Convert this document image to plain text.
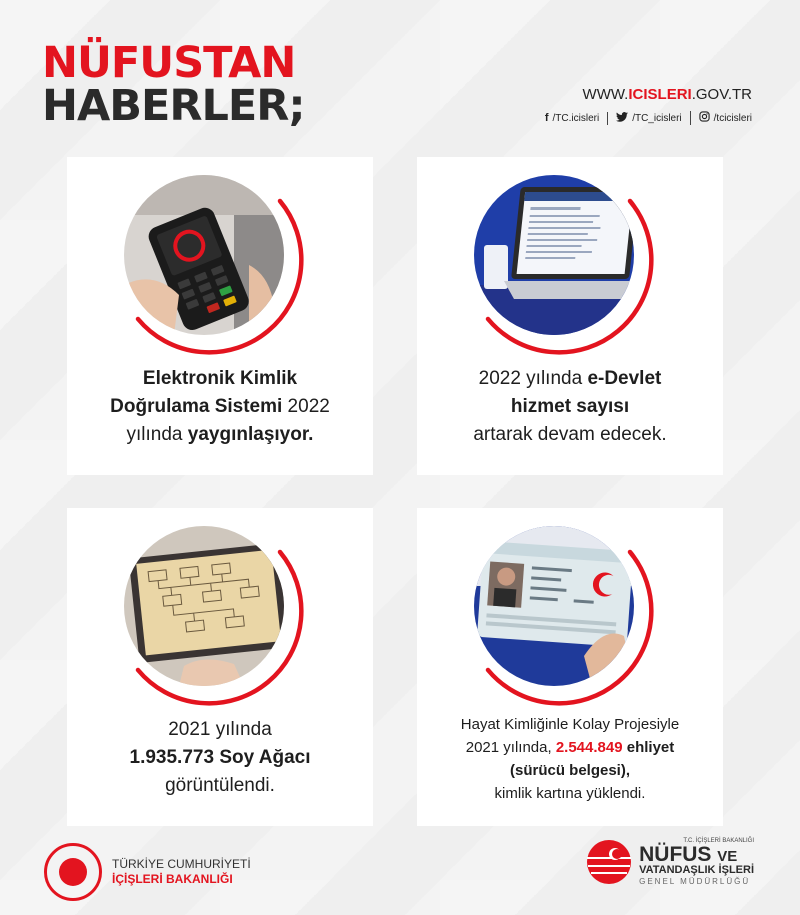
NÜFUSTAN
HABERLER;	WWW.ICISLERI.GOV.TR
f /TC.icisleri	/TC_icisleri	/tcicisleri
Elektronik Kimlik
Doğrulama Sistemi 2022
yılında yaygınlaşıyor.
2022 yılında e-Devlet
hizmet sayısı
artarak devam edecek.
2021 yılında
1.935.773 Soy Ağacı
görüntülendi.
Hayat Kimliğinle Kolay Projesiyle
2021 yılında, 2.544.849 ehliyet
(sürücü belgesi),
kimlik kartına yüklendi.
TÜRKİYE CUMHURİYETİ
İÇİŞLERİ BAKANLIĞI
T.C. İÇİŞLERİ BAKANLIĞI
NÜFUS VE
VATANDAŞLIK İŞLERİ
GENEL MÜDÜRLÜĞÜ
